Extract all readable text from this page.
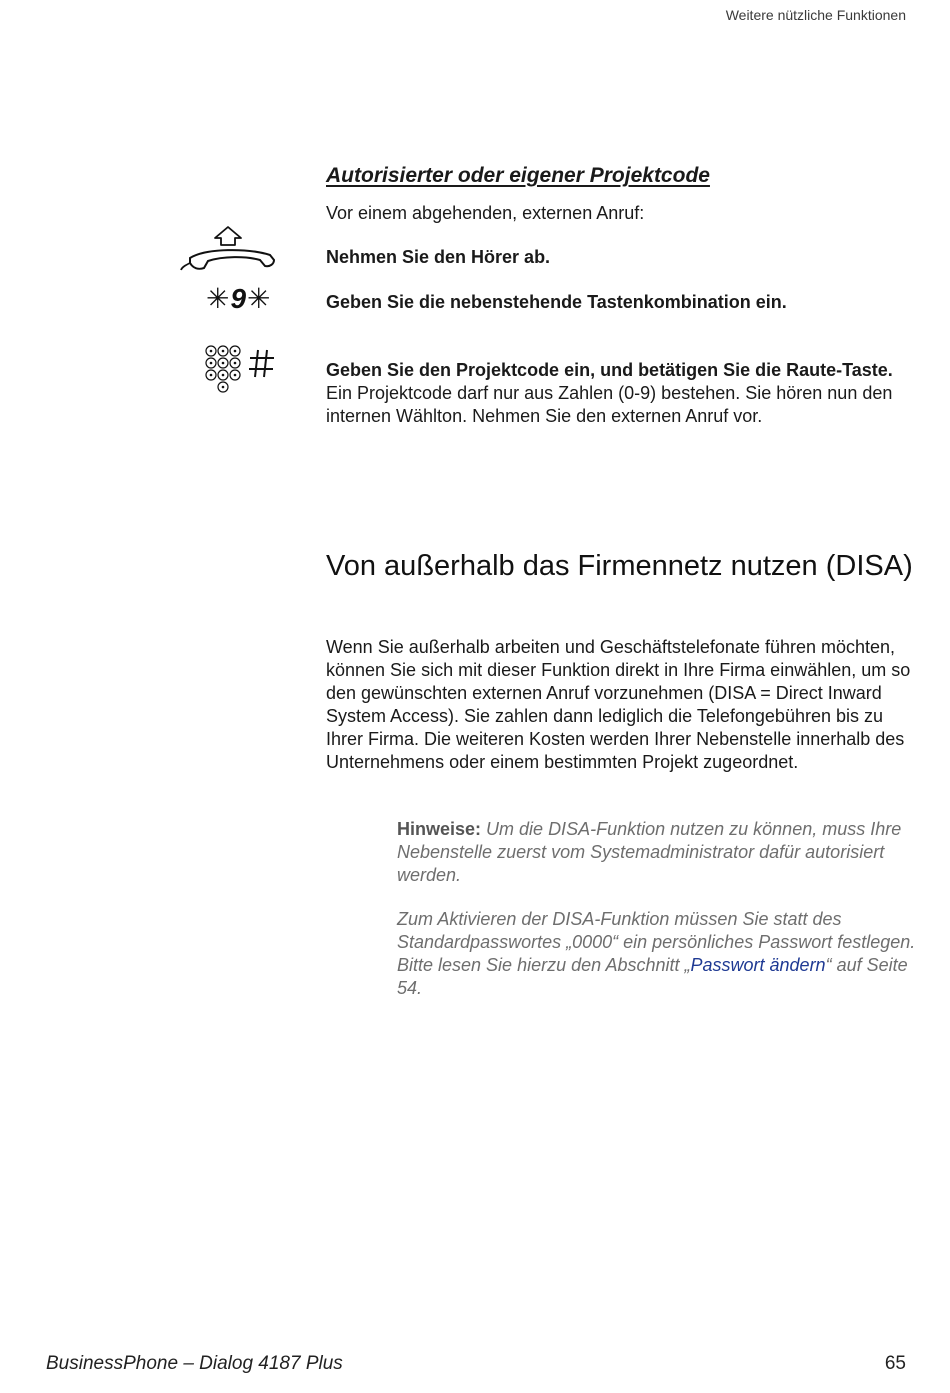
Weitere nützliche Funktionen
Autorisierter oder eigener Projektcode
Vor einem abgehenden, externen Anruf:
✳9✳
Nehmen Sie den Hörer ab.
Geben Sie die nebenstehende Tastenkombination ein.
Geben Sie den Projektcode ein, und betätigen Sie die Raute-Taste.
Ein Projektcode darf nur aus Zahlen (0-9) bestehen. Sie hören nun den internen Wählton. Nehmen Sie den externen Anruf vor.
Von außerhalb das Firmennetz nutzen (DISA)
Wenn Sie außerhalb arbeiten und Geschäftstelefonate führen möchten, können Sie sich mit dieser Funktion direkt in Ihre Firma einwählen, um so den gewünschten externen Anruf vorzunehmen (DISA = Direct Inward System Access). Sie zahlen dann lediglich die Telefongebühren bis zu Ihrer Firma. Die weiteren Kosten werden Ihrer Nebenstelle innerhalb des Unternehmens oder einem bestimmten Projekt zugeordnet.
Hinweise: Um die DISA-Funktion nutzen zu können, muss Ihre Nebenstelle zuerst vom Systemadministrator dafür autorisiert werden.
Zum Aktivieren der DISA-Funktion müssen Sie statt des Standardpasswortes „0000“ ein persönliches Passwort festlegen. Bitte lesen Sie hierzu den Abschnitt „Passwort ändern“ auf Seite 54.
BusinessPhone – Dialog 4187 Plus	65
